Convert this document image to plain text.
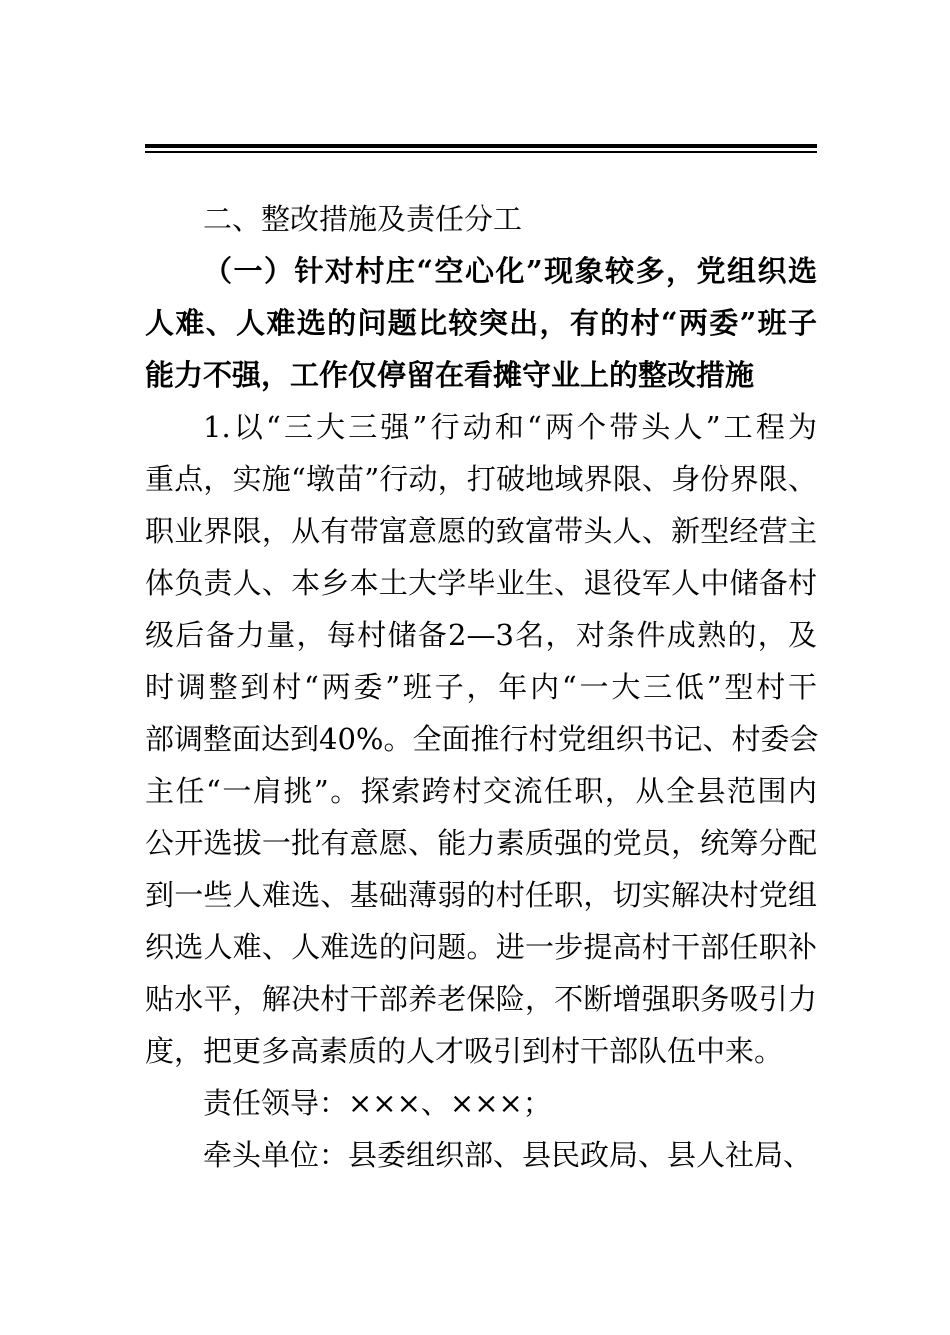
二、整改措施及责任分工
（一）针对村庄“空心化”现象较多，党组织选
人难、人难选的问题比较突出，有的村“两委”班子
能力不强，工作仅停留在看摊守业上的整改措施
1.以“三大三强”行动和“两个带头人”工程为
重点，实施“墩苗”行动，打破地域界限、身份界限、
职业界限，从有带富意愿的致富带头人、新型经营主
体负责人、本乡本土大学毕业生、退役军人中储备村
级后备力量，每村储备2—3名，对条件成熟的，及
时调整到村“两委”班子，年内“一大三低”型村干
部调整面达到40%。全面推行村党组织书记、村委会
主任“一肩挑”。探索跨村交流任职，从全县范围内
公开选拔一批有意愿、能力素质强的党员，统筹分配
到一些人难选、基础薄弱的村任职，切实解决村党组
织选人难、人难选的问题。进一步提高村干部任职补
贴水平，解决村干部养老保险，不断增强职务吸引力
度，把更多高素质的人才吸引到村干部队伍中来。
责任领导：×××、×××；
牵头单位：县委组织部、县民政局、县人社局、
